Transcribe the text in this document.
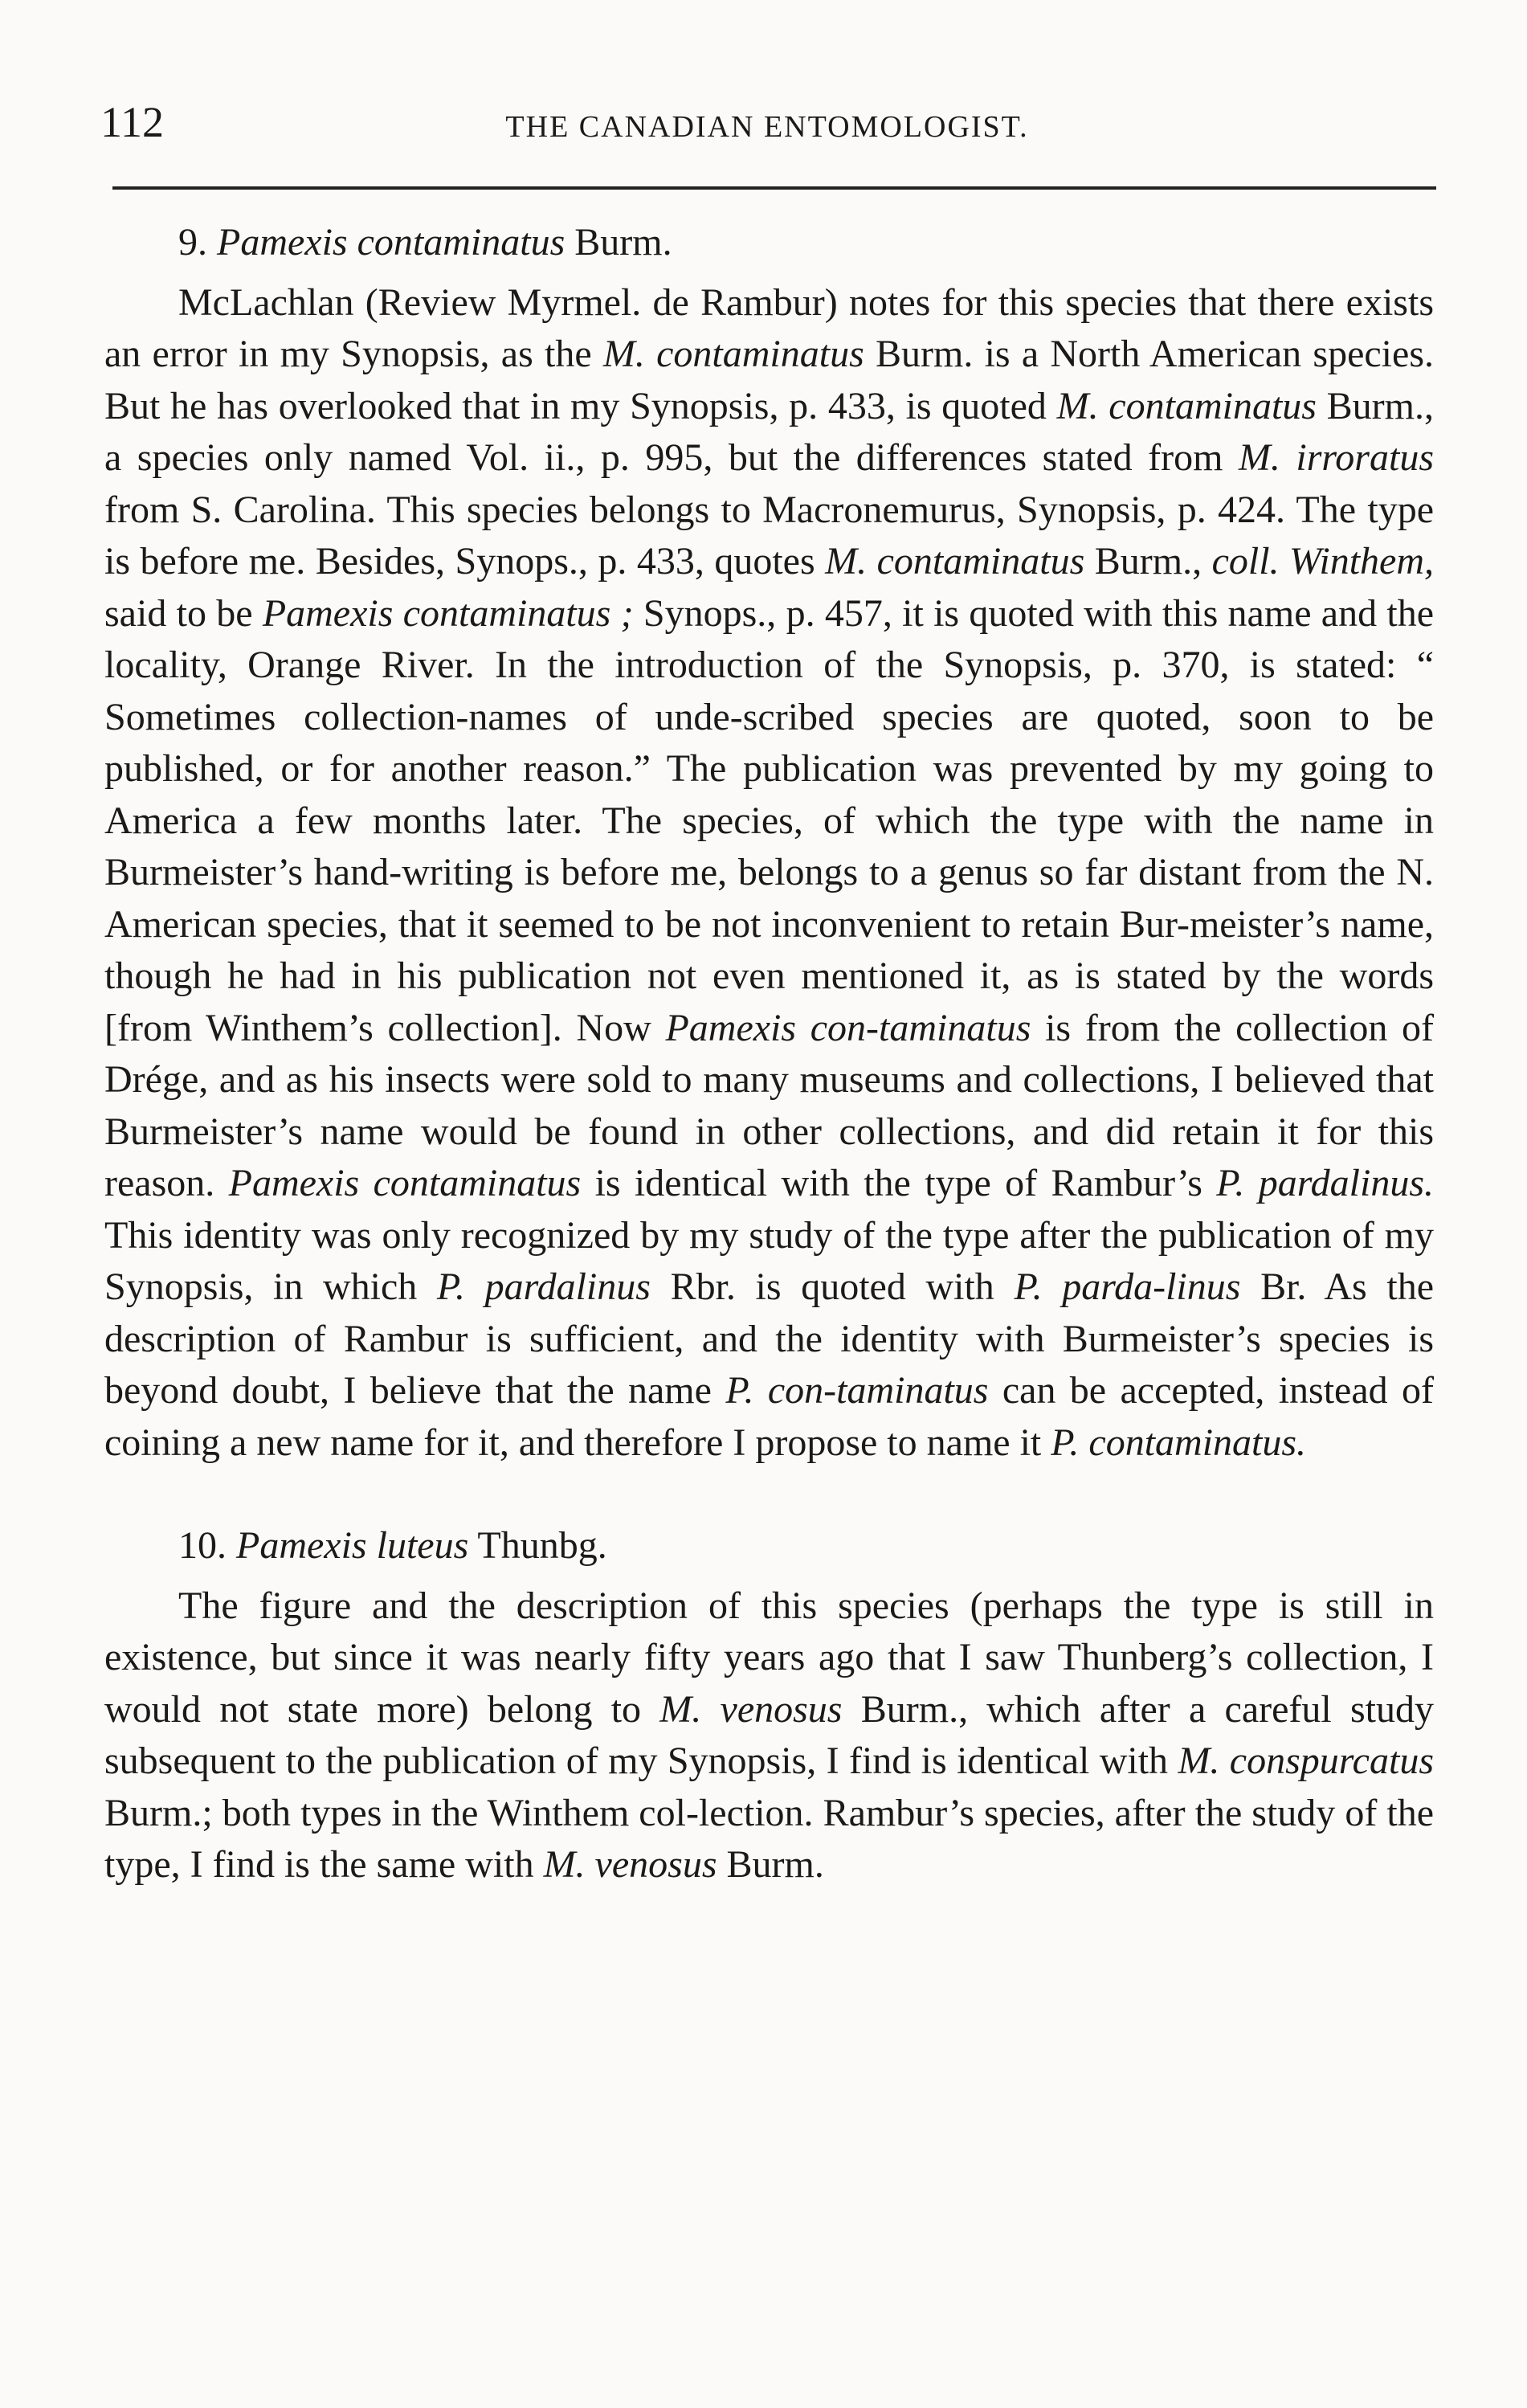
112	THE CANADIAN ENTOMOLOGIST.
9. Pamexis contaminatus Burm.

McLachlan (Review Myrmel. de Rambur) notes for this species that there exists an error in my Synopsis, as the M. contaminatus Burm. is a North American species. But he has overlooked that in my Synopsis, p. 433, is quoted M. contaminatus Burm., a species only named Vol. ii., p. 995, but the differences stated from M. irroratus from S. Carolina. This species belongs to Macronemurus, Synopsis, p. 424. The type is before me. Besides, Synops., p. 433, quotes M. contaminatus Burm., coll. Winthem, said to be Pamexis contaminatus ; Synops., p. 457, it is quoted with this name and the locality, Orange River. In the introduction of the Synopsis, p. 370, is stated: “ Sometimes collection-names of unde-scribed species are quoted, soon to be published, or for another reason.” The publication was prevented by my going to America a few months later. The species, of which the type with the name in Burmeister’s hand-writing is before me, belongs to a genus so far distant from the N. American species, that it seemed to be not inconvenient to retain Bur-meister’s name, though he had in his publication not even mentioned it, as is stated by the words [from Winthem’s collection]. Now Pamexis con-taminatus is from the collection of Drége, and as his insects were sold to many museums and collections, I believed that Burmeister’s name would be found in other collections, and did retain it for this reason. Pamexis contaminatus is identical with the type of Rambur’s P. pardalinus. This identity was only recognized by my study of the type after the publication of my Synopsis, in which P. pardalinus Rbr. is quoted with P. parda-linus Br. As the description of Rambur is sufficient, and the identity with Burmeister’s species is beyond doubt, I believe that the name P. con-taminatus can be accepted, instead of coining a new name for it, and therefore I propose to name it P. contaminatus.

10. Pamexis luteus Thunbg.

The figure and the description of this species (perhaps the type is still in existence, but since it was nearly fifty years ago that I saw Thunberg’s collection, I would not state more) belong to M. venosus Burm., which after a careful study subsequent to the publication of my Synopsis, I find is identical with M. conspurcatus Burm.; both types in the Winthem col-lection. Rambur’s species, after the study of the type, I find is the same with M. venosus Burm.
